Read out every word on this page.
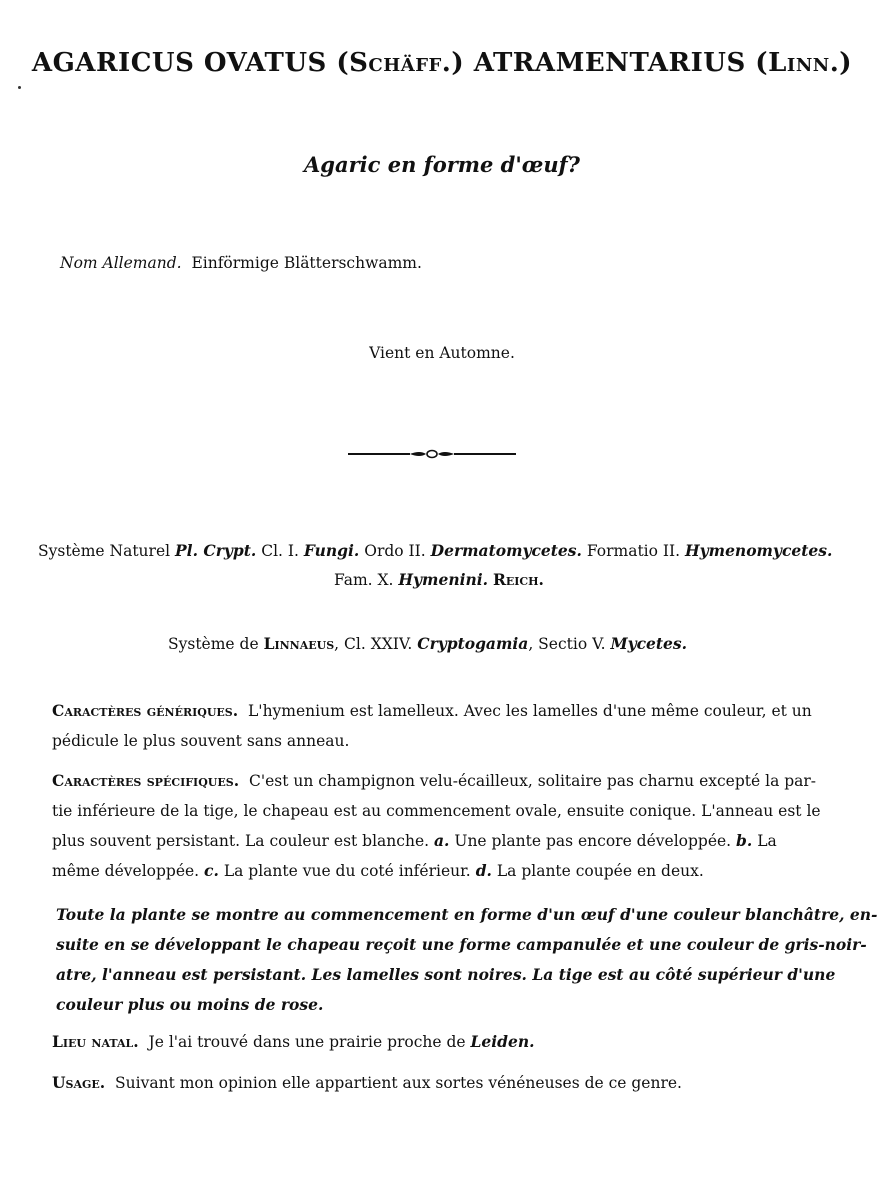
AGARICUS OVATUS (Schäff.) ATRAMENTARIUS (Linn.)
Agaric en forme d'œuf?
Nom Allemand. Einförmige Blätterschwamm.
Vient en Automne.
Système Naturel Pl. Crypt. Cl. I. Fungi. Ordo II. Dermatomycetes. Formatio II. Hymenomycetes.
Fam. X. Hymenini. Reich.
Système de Linnaeus, Cl. XXIV. Cryptogamia, Sectio V. Mycetes.
Caractères génériques. L'hymenium est lamelleux. Avec les lamelles d'une même couleur, et un
pédicule le plus souvent sans anneau.
Caractères spécifiques. C'est un champignon velu-écailleux, solitaire pas charnu excepté la par-
tie inférieure de la tige, le chapeau est au commencement ovale, ensuite conique. L'anneau est le
plus souvent persistant. La couleur est blanche. a. Une plante pas encore développée. b. La
même développée. c. La plante vue du coté inférieur. d. La plante coupée en deux.
Toute la plante se montre au commencement en forme d'un œuf d'une couleur blanchâtre, en-
suite en se développant le chapeau reçoit une forme campanulée et une couleur de gris-noir-
atre, l'anneau est persistant. Les lamelles sont noires. La tige est au côté supérieur d'une
couleur plus ou moins de rose.
Lieu natal. Je l'ai trouvé dans une prairie proche de Leiden.
Usage. Suivant mon opinion elle appartient aux sortes vénéneuses de ce genre.
